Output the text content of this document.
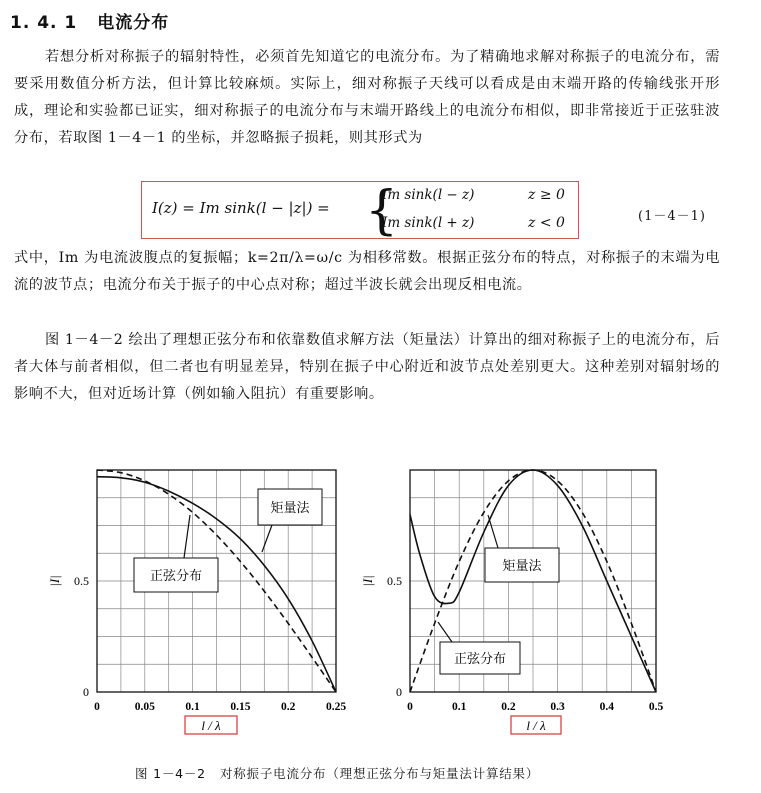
1. 4. 1 电流分布
若想分析对称振子的辐射特性，必须首先知道它的电流分布。为了精确地求解对称振子的电流分布，需要采用数值分析方法，但计算比较麻烦。实际上，细对称振子天线可以看成是由末端开路的传输线张开形成，理论和实验都已证实，细对称振子的电流分布与末端开路线上的电流分布相似，即非常接近于正弦驻波分布，若取图 1－4－1 的坐标，并忽略振子损耗，则其形式为
I(z) = Im sink(l − |z|) = {
Im sink(l − z)	z ≥ 0
Im sink(l + z)	z < 0	(1－4－1)
式中，Im 为电流波腹点的复振幅；k=2π/λ=ω/c 为相移常数。根据正弦分布的特点，对称振子的末端为电流的波节点；电流分布关于振子的中心点对称；超过半波长就会出现反相电流。
图 1－4－2 绘出了理想正弦分布和依靠数值求解方法（矩量法）计算出的细对称振子上的电流分布，后者大体与前者相似，但二者也有明显差异，特别在振子中心附近和波节点处差别更大。这种差别对辐射场的影响不大，但对近场计算（例如输入阻抗）有重要影响。
0
0.5
0	0.05	0.1	0.15	0.2	0.25
|I|
l / λ
矩量法
正弦分布
0
0.5
0	0.1	0.2	0.3	0.4	0.5
|I|
l / λ
矩量法
正弦分布
图 1－4－2 对称振子电流分布（理想正弦分布与矩量法计算结果）
